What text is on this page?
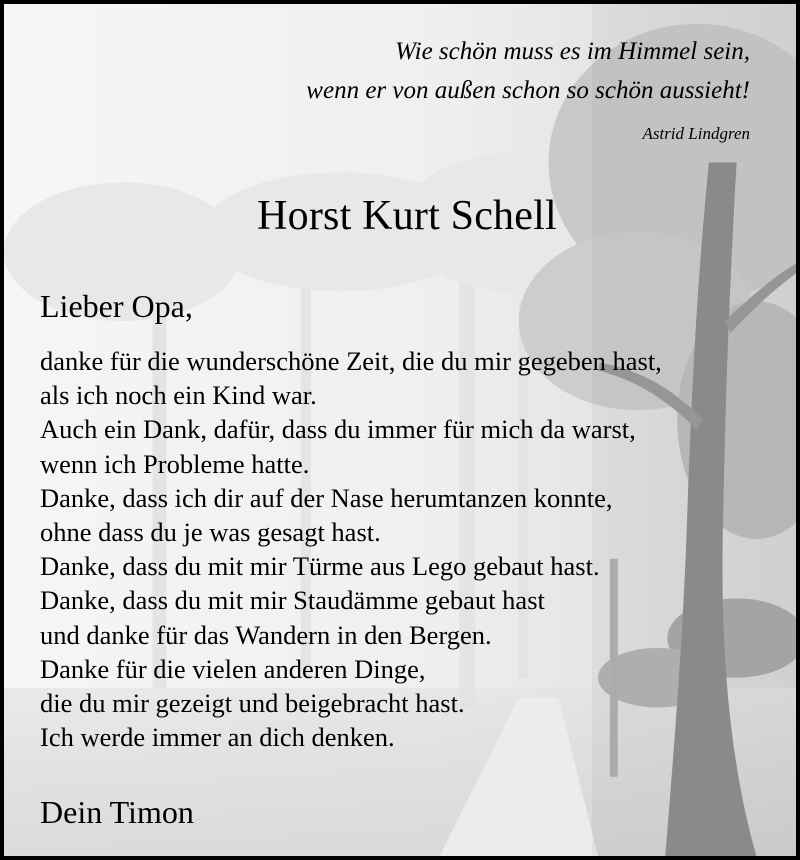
Wie schön muss es im Himmel sein,
wenn er von außen schon so schön aussieht!
Astrid Lindgren
Horst Kurt Schell
Lieber Opa,
danke für die wunderschöne Zeit, die du mir gegeben hast,
als ich noch ein Kind war.
Auch ein Dank, dafür, dass du immer für mich da warst,
wenn ich Probleme hatte.
Danke, dass ich dir auf der Nase herumtanzen konnte,
ohne dass du je was gesagt hast.
Danke, dass du mit mir Türme aus Lego gebaut hast.
Danke, dass du mit mir Staudämme gebaut hast
und danke für das Wandern in den Bergen.
Danke für die vielen anderen Dinge,
die du mir gezeigt und beigebracht hast.
Ich werde immer an dich denken.
Dein Timon
